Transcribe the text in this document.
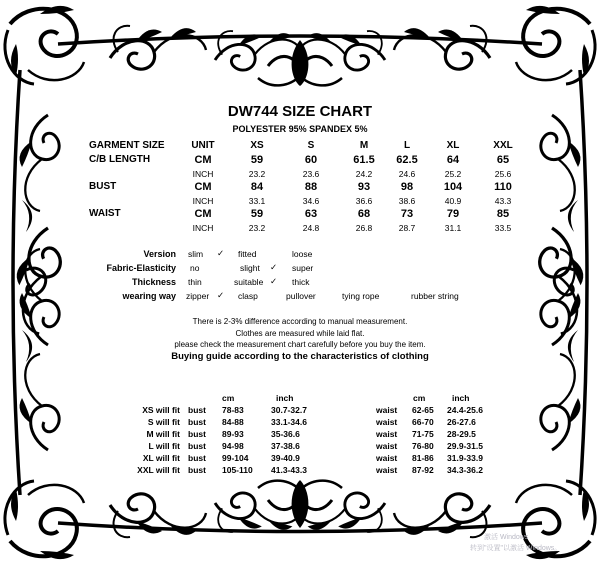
DW744 SIZE CHART
POLYESTER 95% SPANDEX 5%
GARMENT SIZE	UNIT	XS	S	M	L	XL	XXL
C/B LENGTH	CM	59	60	61.5 62.5	64	65
INCH	23.2	23.6	24.2	24.6	25.2	25.6
BUST	CM	84	88	93	98	104	110
INCH	33.1	34.6	36.6	38.6	40.9	43.3
WAIST	CM	59	63	68	73	79	85
INCH	23.2	24.8	26.8	28.7	31.1	33.5
Version slim ✓ fitted	loose
Fabric-Elasticity no	slight ✓ super
Thickness thin	suitable ✓ thick
wearing way zipper ✓ clasp	pullover	tying rope	rubber string
There is 2-3% difference according to manual measurement.
Clothes are measured while laid flat.
please check the measurement chart carefully before you buy the item.
Buying guide according to the characteristics of clothing
cm	inch	cm	inch
XS will fit bust 78-83	30.7-32.7	waist 62-65 24.4-25.6
S will fit bust 84-88	33.1-34.6	waist 66-70 26-27.6
M will fit bust 89-93	35-36.6	waist 71-75 28-29.5
L will fit bust 94-98	37-38.6	waist 76-80 29.9-31.5
XL will fit bust 99-104	39-40.9	waist 81-86 31.9-33.9
XXL will fit bust 105-110 41.3-43.3	waist 87-92 34.3-36.2
激活 Windows
转到"设置"以激活 Windows。
